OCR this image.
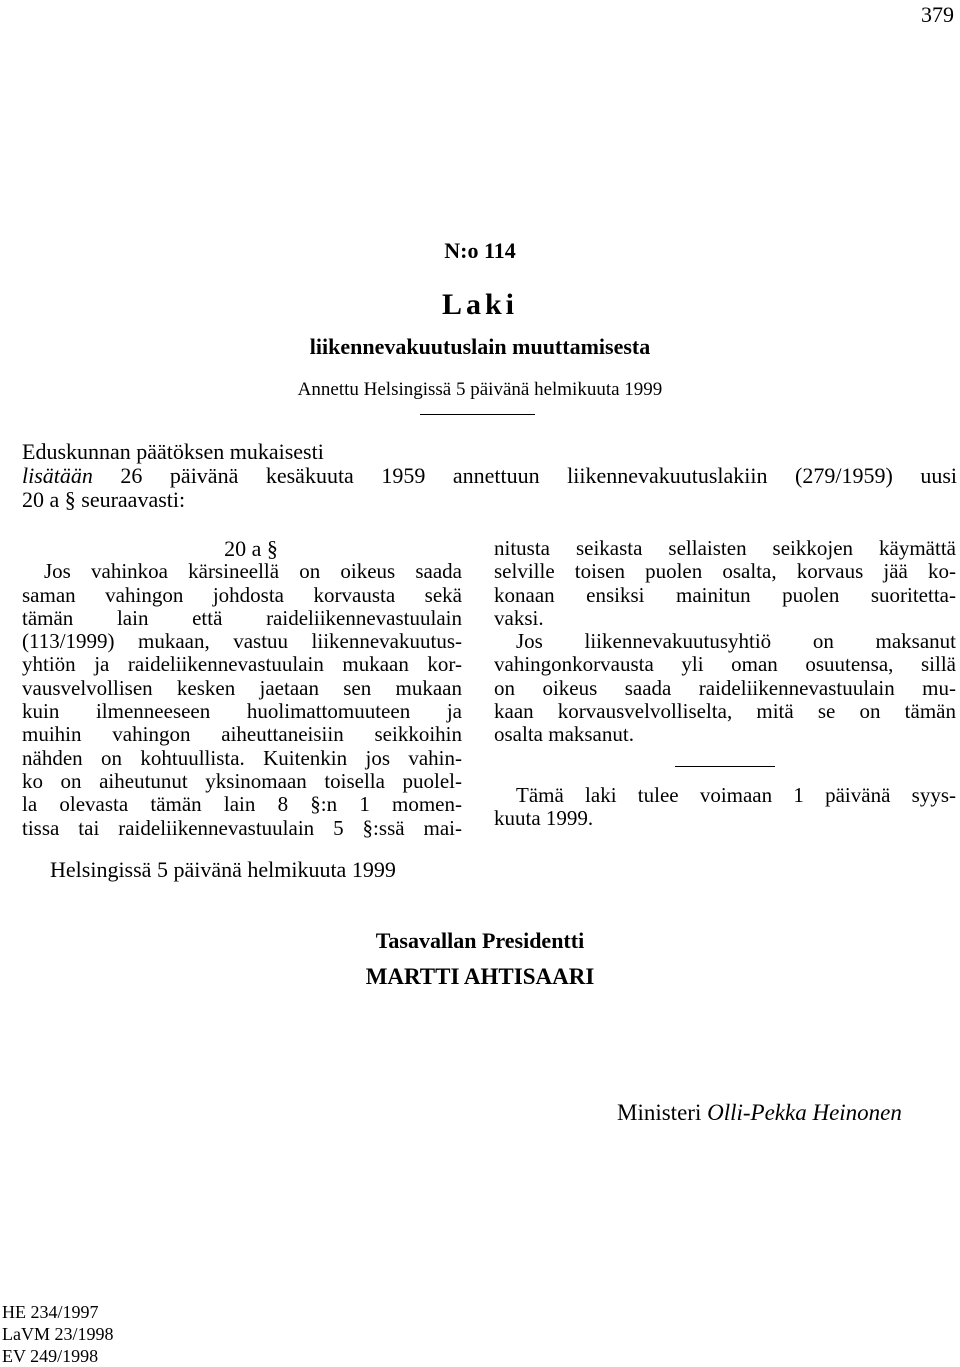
379
N:o 114
Laki
liikennevakuutuslain muuttamisesta
Annettu Helsingissä 5 päivänä helmikuuta 1999
Eduskunnan päätöksen mukaisesti
lisätään 26 päivänä kesäkuuta 1959 annettuun liikennevakuutuslakiin (279/1959) uusi
20 a § seuraavasti:
20 a §
Jos vahinkoa kärsineellä on oikeus saada
saman vahingon johdosta korvausta sekä
tämän lain että raideliikennevastuulain
(113/1999) mukaan, vastuu liikennevakuutus-
yhtiön ja raideliikennevastuulain mukaan kor-
vausvelvollisen kesken jaetaan sen mukaan
kuin ilmenneeseen huolimattomuuteen ja
muihin vahingon aiheuttaneisiin seikkoihin
nähden on kohtuullista. Kuitenkin jos vahin-
ko on aiheutunut yksinomaan toisella puolel-
la olevasta tämän lain 8 §:n 1 momen-
tissa tai raideliikennevastuulain 5 §:ssä mai-
nitusta seikasta sellaisten seikkojen käymättä
selville toisen puolen osalta, korvaus jää ko-
konaan ensiksi mainitun puolen suoritetta-
vaksi.
Jos liikennevakuutusyhtiö on maksanut
vahingonkorvausta yli oman osuutensa, sillä
on oikeus saada raideliikennevastuulain mu-
kaan korvausvelvolliselta, mitä se on tämän
osalta maksanut.
Tämä laki tulee voimaan 1 päivänä syys-
kuuta 1999.
Helsingissä 5 päivänä helmikuuta 1999
Tasavallan Presidentti
MARTTI AHTISAARI
Ministeri Olli-Pekka Heinonen
HE 234/1997
LaVM 23/1998
EV 249/1998
